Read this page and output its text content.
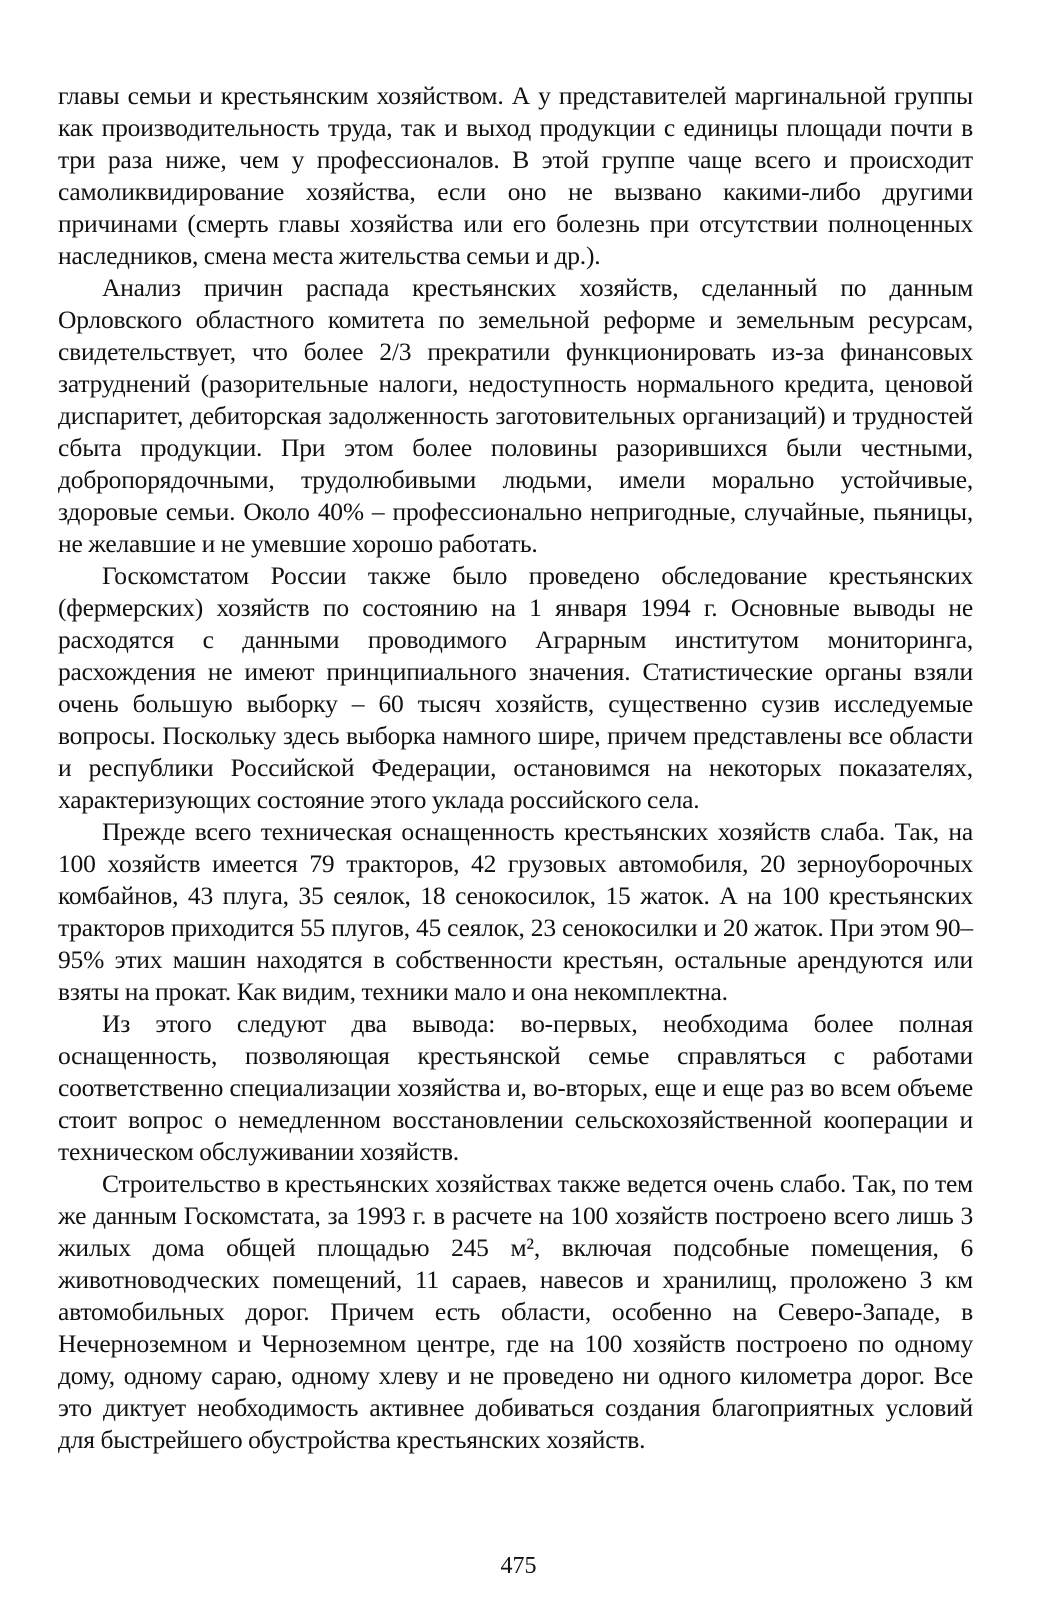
главы семьи и крестьянским хозяйством. А у представителей маргинальной группы как производительность труда, так и выход продукции с единицы площади почти в три раза ниже, чем у профессионалов. В этой группе чаще всего и происходит самоликвидирование хозяйства, если оно не вызвано какими-либо другими причинами (смерть главы хозяйства или его болезнь при отсутствии полноценных наследников, смена места жительства семьи и др.).

Анализ причин распада крестьянских хозяйств, сделанный по данным Орловского областного комитета по земельной реформе и земельным ресурсам, свидетельствует, что более 2/3 прекратили функционировать из-за финансовых затруднений (разорительные налоги, недоступность нормального кредита, ценовой диспаритет, дебиторская задолженность заготовительных организаций) и трудностей сбыта продукции. При этом более половины разорившихся были честными, добропорядочными, трудолюбивыми людьми, имели морально устойчивые, здоровые семьи. Около 40% – профессионально непригодные, случайные, пьяницы, не желавшие и не умевшие хорошо работать.

Госкомстатом России также было проведено обследование крестьянских (фермерских) хозяйств по состоянию на 1 января 1994 г. Основные выводы не расходятся с данными проводимого Аграрным институтом мониторинга, расхождения не имеют принципиального значения. Статистические органы взяли очень большую выборку – 60 тысяч хозяйств, существенно сузив исследуемые вопросы. Поскольку здесь выборка намного шире, причем представлены все области и республики Российской Федерации, остановимся на некоторых показателях, характеризующих состояние этого уклада российского села.

Прежде всего техническая оснащенность крестьянских хозяйств слаба. Так, на 100 хозяйств имеется 79 тракторов, 42 грузовых автомобиля, 20 зерноуборочных комбайнов, 43 плуга, 35 сеялок, 18 сенокосилок, 15 жаток. А на 100 крестьянских тракторов приходится 55 плугов, 45 сеялок, 23 сенокосилки и 20 жаток. При этом 90–95% этих машин находятся в собственности крестьян, остальные арендуются или взяты на прокат. Как видим, техники мало и она некомплектна.

Из этого следуют два вывода: во-первых, необходима более полная оснащенность, позволяющая крестьянской семье справляться с работами соответственно специализации хозяйства и, во-вторых, еще и еще раз во всем объеме стоит вопрос о немедленном восстановлении сельскохозяйственной кооперации и техническом обслуживании хозяйств.

Строительство в крестьянских хозяйствах также ведется очень слабо. Так, по тем же данным Госкомстата, за 1993 г. в расчете на 100 хозяйств построено всего лишь 3 жилых дома общей площадью 245 м², включая подсобные помещения, 6 животноводческих помещений, 11 сараев, навесов и хранилищ, проложено 3 км автомобильных дорог. Причем есть области, особенно на Северо-Западе, в Нечерноземном и Черноземном центре, где на 100 хозяйств построено по одному дому, одному сараю, одному хлеву и не проведено ни одного километра дорог. Все это диктует необходимость активнее добиваться создания благоприятных условий для быстрейшего обустройства крестьянских хозяйств.

475
